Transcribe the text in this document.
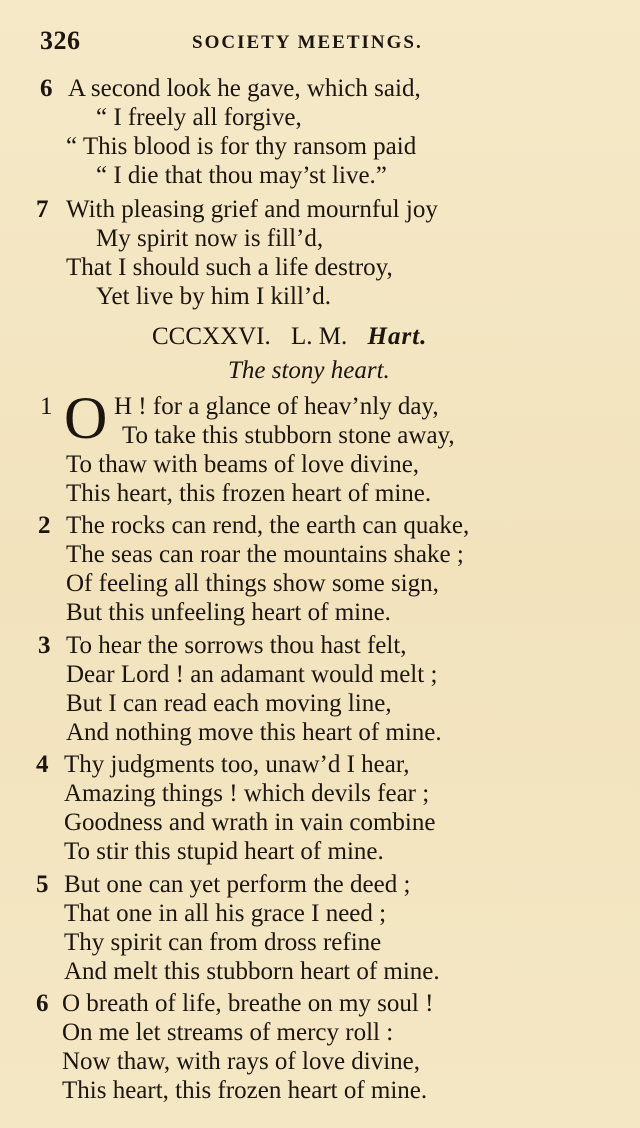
326	SOCIETY MEETINGS.
6 A second look he gave, which said,
“ I freely all forgive,
“ This blood is for thy ransom paid
“ I die that thou may’st live.”
7 With pleasing grief and mournful joy
My spirit now is fill’d,
That I should such a life destroy,
Yet live by him I kill’d.
CCCXXVI. L. M. Hart.
The stony heart.
1 O H ! for a glance of heav’nly day,
To take this stubborn stone away,
To thaw with beams of love divine,
This heart, this frozen heart of mine.
2 The rocks can rend, the earth can quake,
The seas can roar the mountains shake ;
Of feeling all things show some sign,
But this unfeeling heart of mine.
3 To hear the sorrows thou hast felt,
Dear Lord ! an adamant would melt ;
But I can read each moving line,
And nothing move this heart of mine.
4 Thy judgments too, unaw’d I hear,
Amazing things ! which devils fear ;
Goodness and wrath in vain combine
To stir this stupid heart of mine.
5 But one can yet perform the deed ;
That one in all his grace I need ;
Thy spirit can from dross refine
And melt this stubborn heart of mine.
6 O breath of life, breathe on my soul !
On me let streams of mercy roll :
Now thaw, with rays of love divine,
This heart, this frozen heart of mine.
